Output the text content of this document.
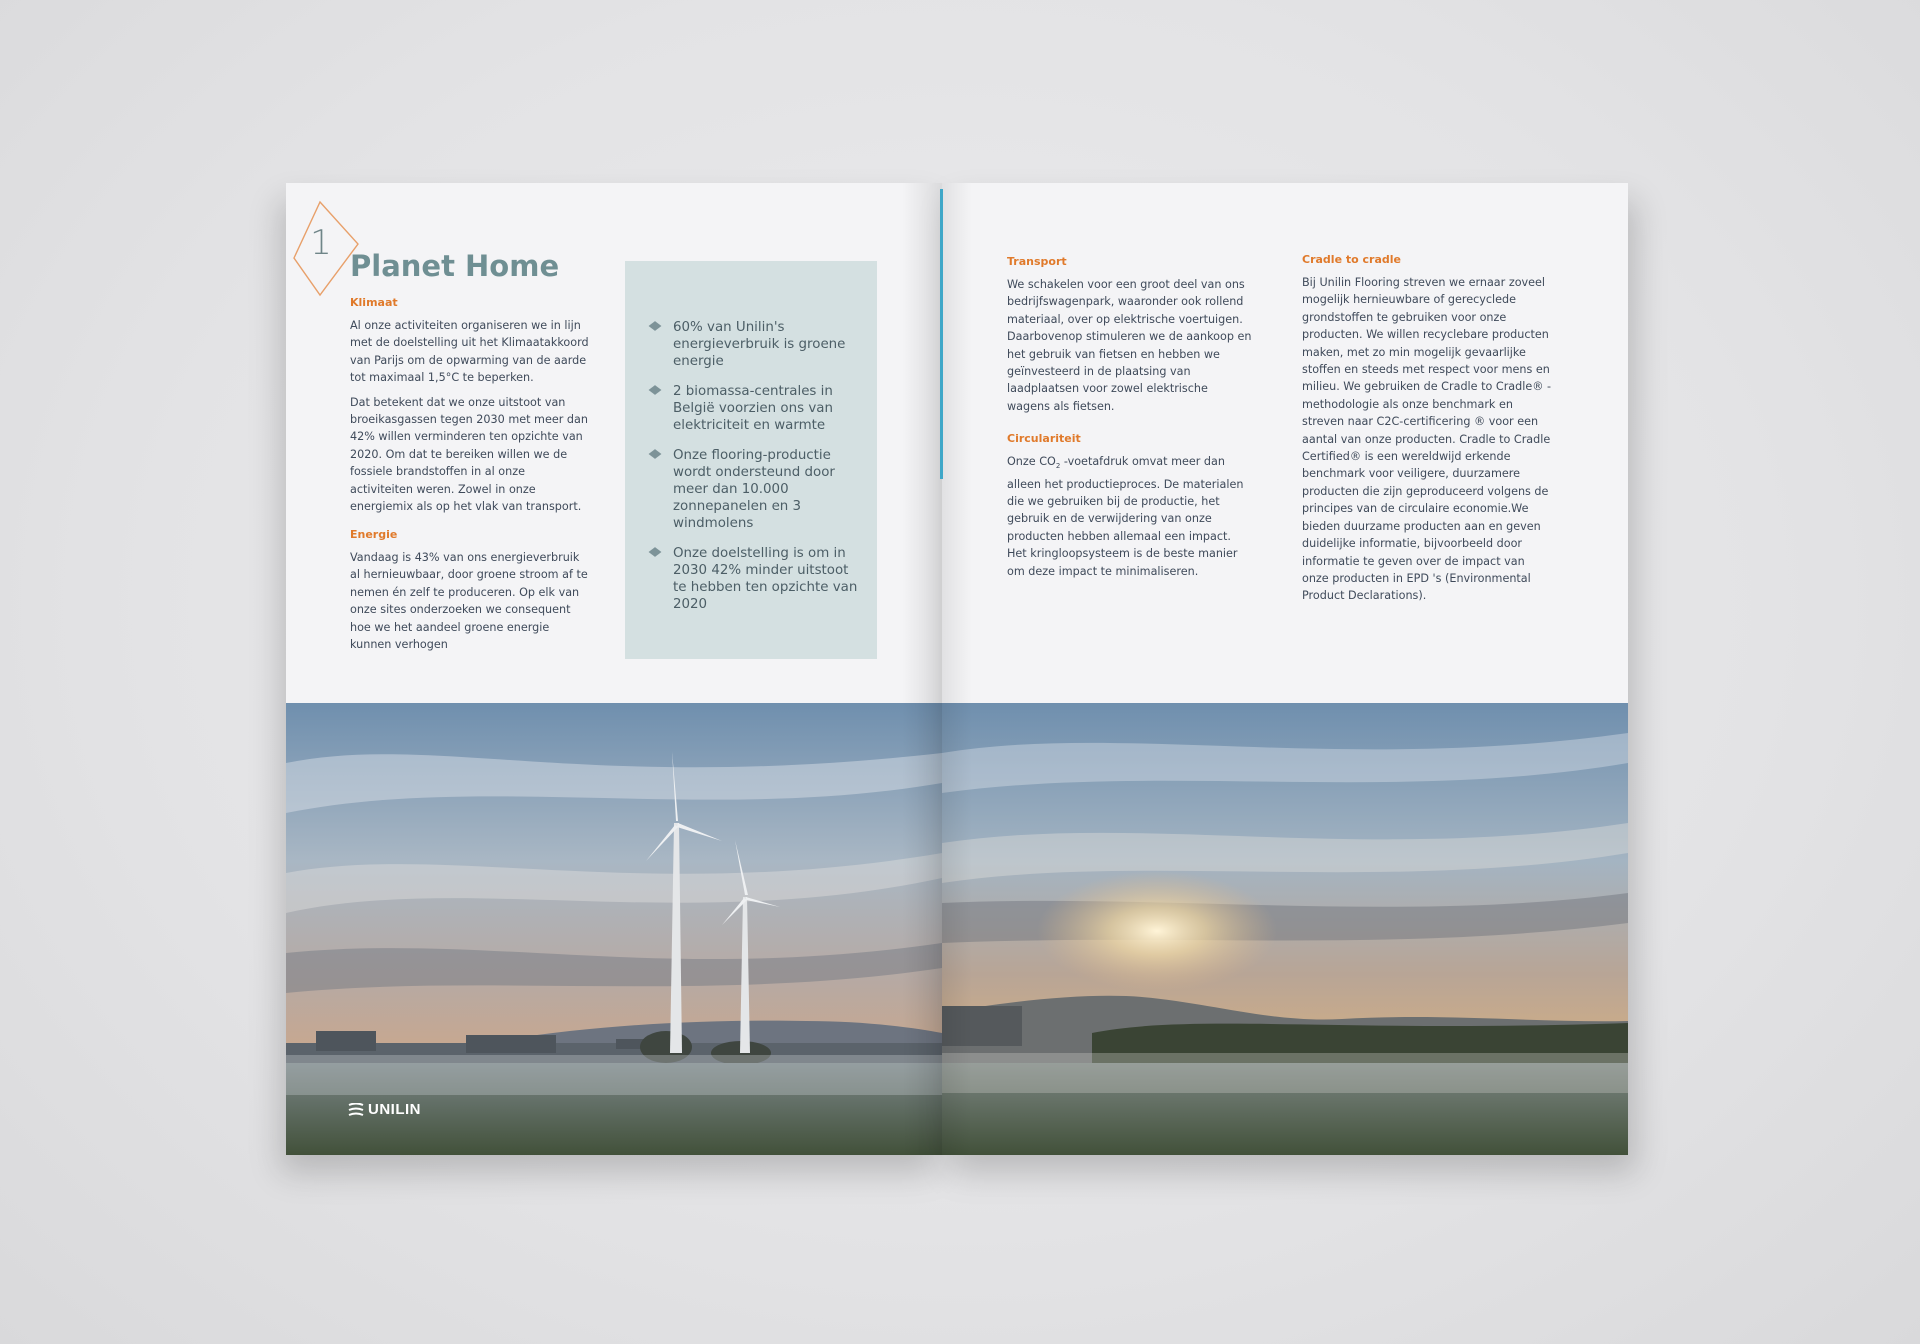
1
Planet Home
Klimaat

Al onze activiteiten organiseren we in lijn met de doelstelling uit het Klimaatakkoord van Parijs om de opwarming van de aarde tot maximaal 1,5°C te beperken.

Dat betekent dat we onze uitstoot van broeikasgassen tegen 2030 met meer dan 42% willen verminderen ten opzichte van 2020. Om dat te bereiken willen we de fossiele brandstoffen in al onze activiteiten weren. Zowel in onze energiemix als op het vlak van transport.

Energie

Vandaag is 43% van ons energieverbruik al hernieuwbaar, door groene stroom af te nemen én zelf te produceren. Op elk van onze sites onderzoeken we consequent hoe we het aandeel groene energie kunnen verhogen

60% van Unilin's energieverbruik is groene energie
2 biomassa-centrales in België voorzien ons van elektriciteit en warmte
Onze flooring-productie wordt ondersteund door meer dan 10.000 zonnepanelen en 3 windmolens
Onze doelstelling is om in 2030 42% minder uitstoot te hebben ten opzichte van 2020
UNILIN
Transport

We schakelen voor een groot deel van ons bedrijfswagenpark, waaronder ook rollend materiaal, over op elektrische voertuigen. Daarbovenop stimuleren we de aankoop en het gebruik van fietsen en hebben we geïnvesteerd in de plaatsing van laadplaatsen voor zowel elektrische wagens als fietsen.

Circulariteit

Onze $CO_2$ -voetafdruk omvat meer dan alleen het productieproces. De materialen die we gebruiken bij de productie, het gebruik en de verwijdering van onze producten hebben allemaal een impact. Het kringloopsysteem is de beste manier om deze impact te minimaliseren.

Cradle to cradle

Bij Unilin Flooring streven we ernaar zoveel mogelijk hernieuwbare of gerecyclede grondstoffen te gebruiken voor onze producten. We willen recyclebare producten maken, met zo min mogelijk gevaarlijke stoffen en steeds met respect voor mens en milieu. We gebruiken de Cradle to Cradle® -methodologie als onze benchmark en streven naar C2C-certificering ® voor een aantal van onze producten. Cradle to Cradle Certified® is een wereldwijd erkende benchmark voor veiligere, duurzamere producten die zijn geproduceerd volgens de principes van de circulaire economie.We bieden duurzame producten aan en geven duidelijke informatie, bijvoorbeeld door informatie te geven over de impact van onze producten in EPD 's (Environmental Product Declarations).
